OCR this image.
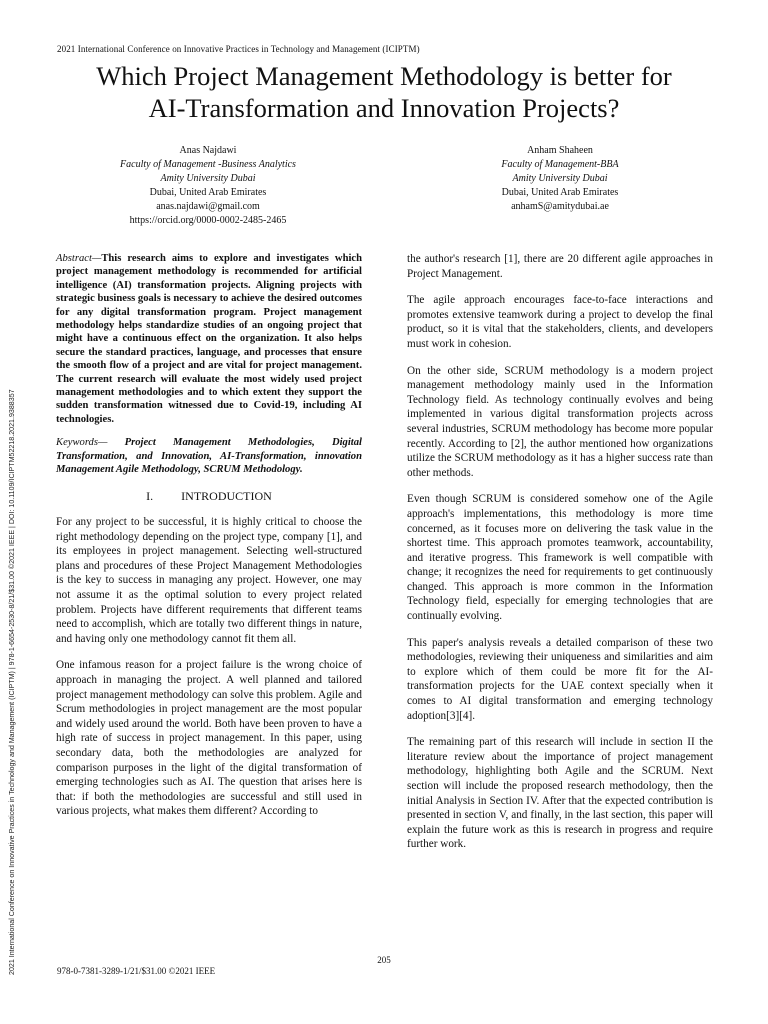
2021 International Conference on Innovative Practices in Technology and Management (ICIPTM)
Which Project Management Methodology is better for
AI-Transformation and Innovation Projects?
Anas Najdawi
Faculty of Management -Business Analytics
Amity University Dubai
Dubai, United Arab Emirates
anas.najdawi@gmail.com
https://orcid.org/0000-0002-2485-2465
Anham Shaheen
Faculty of Management-BBA
Amity University Dubai
Dubai, United Arab Emirates
anhamS@amitydubai.ae
2021 International Conference on Innovative Practices in Technology and Management (ICIPTM) | 978-1-6654-2530-8/21/$31.00 ©2021 IEEE | DOI: 10.1109/ICIPTM52218.2021.9388357

Abstract—This research aims to explore and investigates which project management methodology is recommended for artificial intelligence (AI) transformation projects. Aligning projects with strategic business goals is necessary to achieve the desired outcomes for any digital transformation program. Project management methodology helps standardize studies of an ongoing project that might have a continuous effect on the organization. It also helps secure the standard practices, language, and processes that ensure the smooth flow of a project and are vital for project management. The current research will evaluate the most widely used project management methodologies and to which extent they support the sudden transformation witnessed due to Covid-19, including AI technologies.

Keywords— Project Management Methodologies, Digital Transformation, and Innovation, AI-Transformation, innovation Management Agile Methodology, SCRUM Methodology.

I. INTRODUCTION

For any project to be successful, it is highly critical to choose the right methodology depending on the project type, company [1], and its employees in project management. Selecting well-structured plans and procedures of these Project Management Methodologies is the key to success in managing any project. However, one may not assume it as the optimal solution to every project related problem. Projects have different requirements that different teams need to accomplish, which are totally two different things in nature, and having only one methodology cannot fit them all.

One infamous reason for a project failure is the wrong choice of approach in managing the project. A well planned and tailored project management methodology can solve this problem. Agile and Scrum methodologies in project management are the most popular and widely used around the world. Both have been proven to have a high rate of success in project management. In this paper, using secondary data, both the methodologies are analyzed for comparison purposes in the light of the digital transformation of emerging technologies such as AI. The question that arises here is that: if both the methodologies are successful and still used in various projects, what makes them different? According to

the author's research [1], there are 20 different agile approaches in Project Management.

The agile approach encourages face-to-face interactions and promotes extensive teamwork during a project to develop the final product, so it is vital that the stakeholders, clients, and developers must work in cohesion.

On the other side, SCRUM methodology is a modern project management methodology mainly used in the Information Technology field. As technology continually evolves and being implemented in various digital transformation projects across several industries, SCRUM methodology has become more popular recently. According to [2], the author mentioned how organizations utilize the SCRUM methodology as it has a higher success rate than other methods.

Even though SCRUM is considered somehow one of the Agile approach's implementations, this methodology is more time concerned, as it focuses more on delivering the task value in the shortest time. This approach promotes teamwork, accountability, and iterative progress. This framework is well compatible with change; it recognizes the need for requirements to get continuously changed. This approach is more common in the Information Technology field, especially for emerging technologies that are continually evolving.

This paper's analysis reveals a detailed comparison of these two methodologies, reviewing their uniqueness and similarities and aim to explore which of them could be more fit for the AI-transformation projects for the UAE context specially when it comes to AI digital transformation and emerging technology adoption[3][4].

The remaining part of this research will include in section II the literature review about the importance of project management methodology, highlighting both Agile and the SCRUM. Next section will include the proposed research methodology, then the initial Analysis in Section IV. After that the expected contribution is presented in section V, and finally, in the last section, this paper will explain the future work as this is research in progress and require further work.

205
978-0-7381-3289-1/21/$31.00 ©2021 IEEE
